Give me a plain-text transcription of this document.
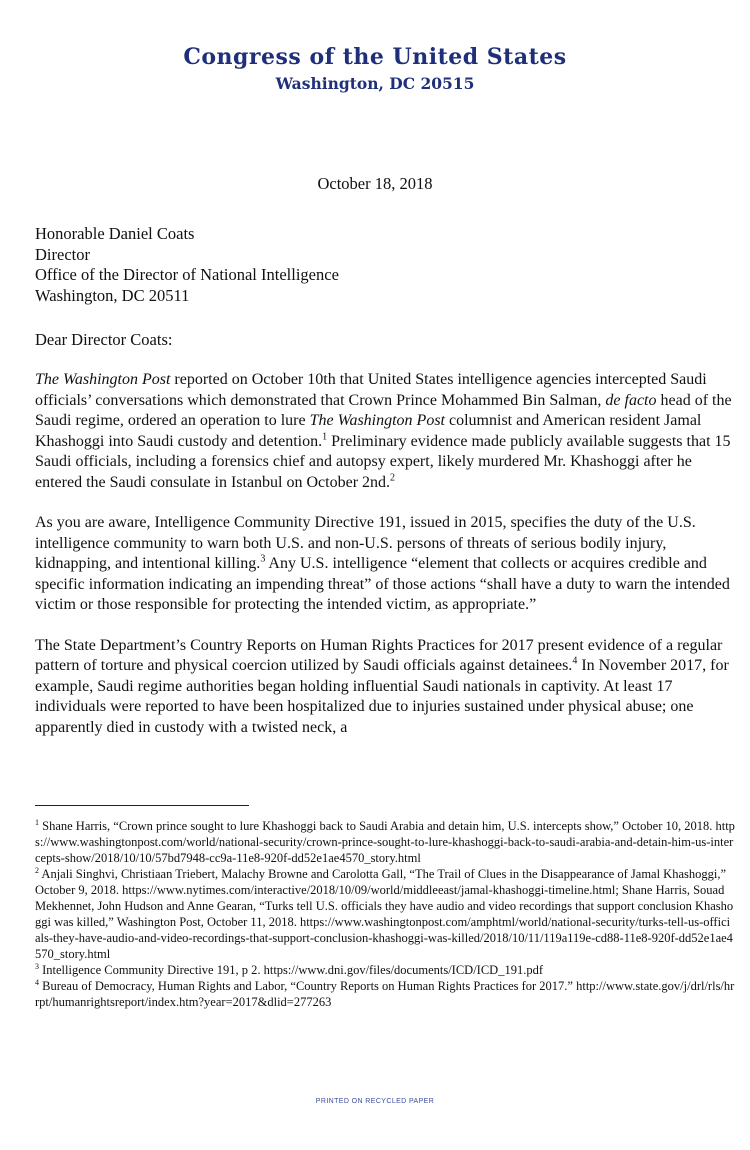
Congress of the United States
Washington, DC 20515
October 18, 2018
Honorable Daniel Coats
Director
Office of the Director of National Intelligence
Washington, DC 20511
Dear Director Coats:

The Washington Post reported on October 10th that United States intelligence agencies intercepted Saudi officials’ conversations which demonstrated that Crown Prince Mohammed Bin Salman, de facto head of the Saudi regime, ordered an operation to lure The Washington Post columnist and American resident Jamal Khashoggi into Saudi custody and detention.$^1$ Preliminary evidence made publicly available suggests that 15 Saudi officials, including a forensics chief and autopsy expert, likely murdered Mr. Khashoggi after he entered the Saudi consulate in Istanbul on October 2nd.$^2$

As you are aware, Intelligence Community Directive 191, issued in 2015, specifies the duty of the U.S. intelligence community to warn both U.S. and non-U.S. persons of threats of serious bodily injury, kidnapping, and intentional killing.$^3$ Any U.S. intelligence “element that collects or acquires credible and specific information indicating an impending threat” of those actions “shall have a duty to warn the intended victim or those responsible for protecting the intended victim, as appropriate.”

The State Department’s Country Reports on Human Rights Practices for 2017 present evidence of a regular pattern of torture and physical coercion utilized by Saudi officials against detainees.$^4$ In November 2017, for example, Saudi regime authorities began holding influential Saudi nationals in captivity. At least 17 individuals were reported to have been hospitalized due to injuries sustained under physical abuse; one apparently died in custody with a twisted neck, a

$^1$ Shane Harris, “Crown prince sought to lure Khashoggi back to Saudi Arabia and detain him, U.S. intercepts show,” October 10, 2018. https://www.washingtonpost.com/world/national-security/crown-prince-sought-to-lure-khashoggi-back-to-saudi-arabia-and-detain-him-us-intercepts-show/2018/10/10/57bd7948-cc9a-11e8-920f-dd52e1ae4570_story.html

$^2$ Anjali Singhvi, Christiaan Triebert, Malachy Browne and Carolotta Gall, “The Trail of Clues in the Disappearance of Jamal Khashoggi,” October 9, 2018. https://www.nytimes.com/interactive/2018/10/09/world/middleeast/jamal-khashoggi-timeline.html; Shane Harris, Souad Mekhennet, John Hudson and Anne Gearan, “Turks tell U.S. officials they have audio and video recordings that support conclusion Khashoggi was killed,” Washington Post, October 11, 2018. https://www.washingtonpost.com/amphtml/world/national-security/turks-tell-us-officials-they-have-audio-and-video-recordings-that-support-conclusion-khashoggi-was-killed/2018/10/11/119a119e-cd88-11e8-920f-dd52e1ae4570_story.html

$^3$ Intelligence Community Directive 191, p 2. https://www.dni.gov/files/documents/ICD/ICD_191.pdf

$^4$ Bureau of Democracy, Human Rights and Labor, “Country Reports on Human Rights Practices for 2017.” http://www.state.gov/j/drl/rls/hrrpt/humanrightsreport/index.htm?year=2017&dlid=277263

PRINTED ON RECYCLED PAPER
